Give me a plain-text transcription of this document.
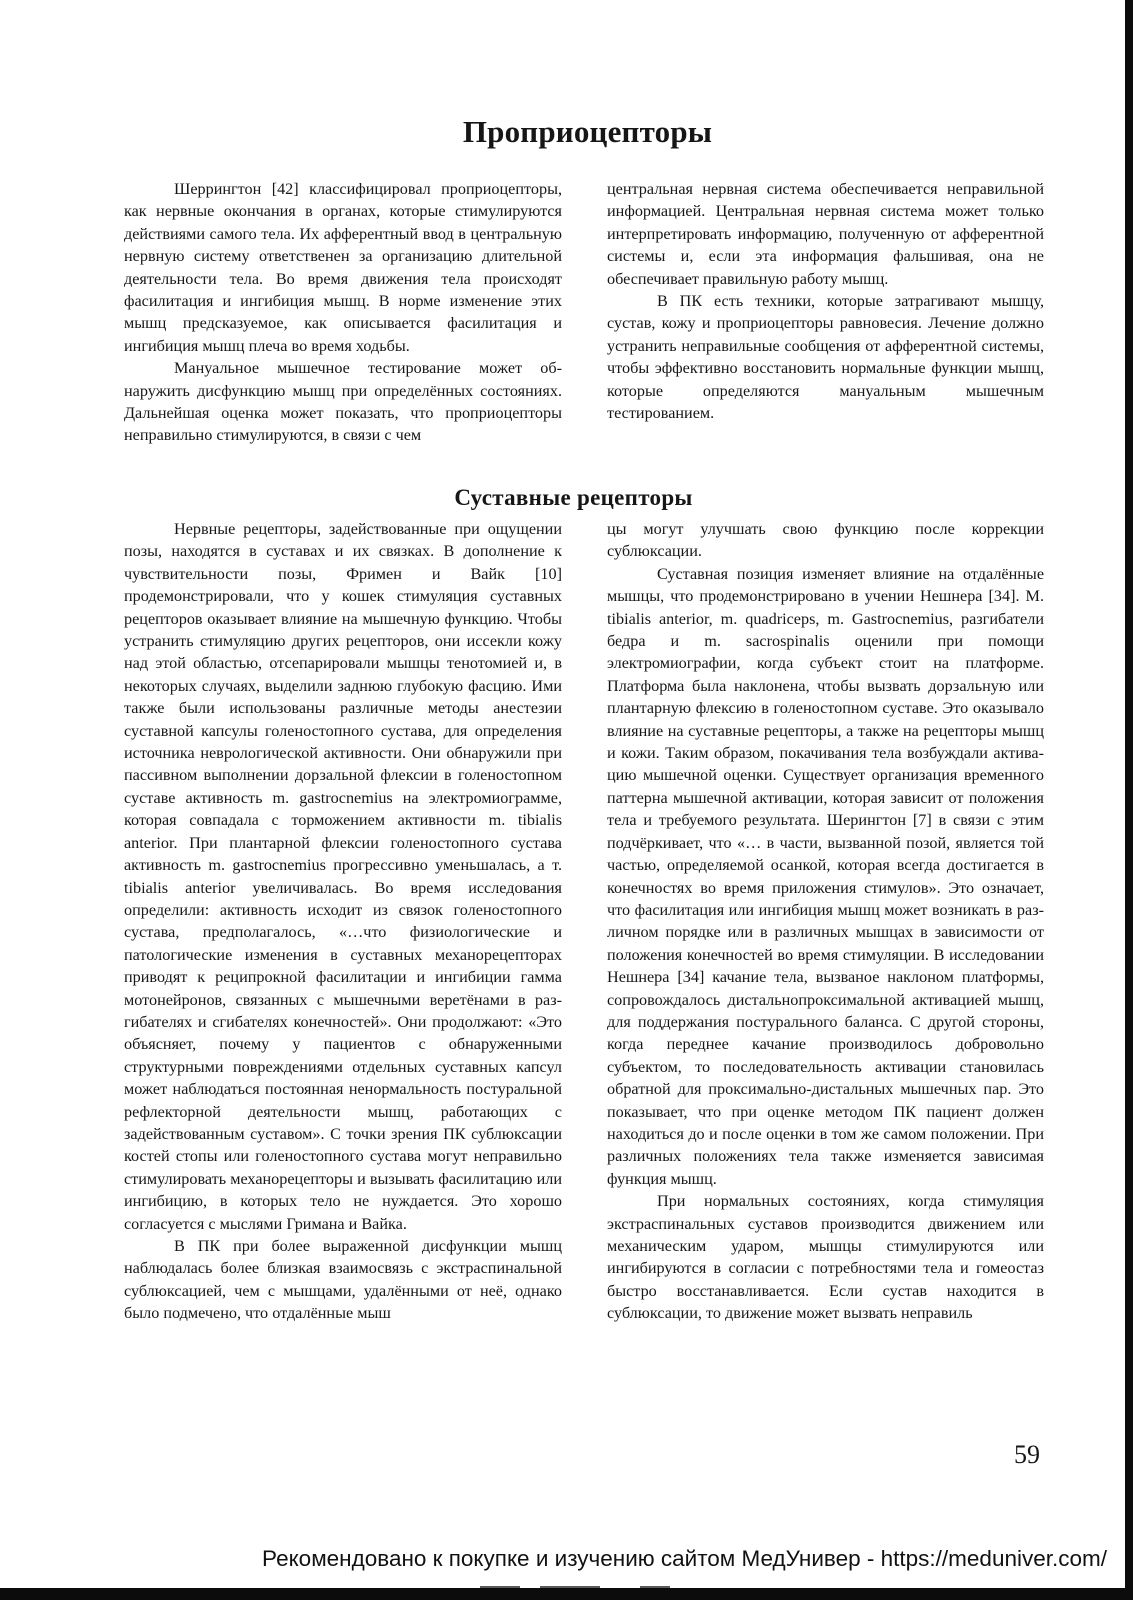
Проприоцепторы

Шеррингтон [42] классифицировал проприоцепторы, как нервные окончания в органах, которые стимулируются действиями самого тела. Их афферентный ввод в центральную нервную систему ответственен за организацию длительной деятельности тела. Во время движения тела происходят фасилитация и ингибиция мышц. В норме изменение этих мышц предсказуемое, как описывается фасилитация и ингибиция мышц плеча во время ходьбы.

Мануальное мышечное тестирование может обнаружить дисфункцию мышц при определённых состояниях. Дальнейшая оценка может показать, что проприоцепторы неправильно стимулируются, в связи с чем

центральная нервная система обеспечивается неправильной информацией. Центральная нервная система может только интерпретировать информацию, полученную от афферентной системы и, если эта информация фальшивая, она не обеспечивает правильную работу мышц.

В ПК есть техники, которые затрагивают мышцу, сустав, кожу и проприоцепторы равновесия. Лечение должно устранить неправильные сообщения от афферентной системы, чтобы эффективно восстановить нормальные функции мышц, которые определяются мануальным мышечным тестированием.

Суставные рецепторы

Нервные рецепторы, задействованные при ощущении позы, находятся в суставах и их связках. В дополнение к чувствительности позы, Фримен и Вайк [10] продемонстрировали, что у кошек стимуляция суставных рецепторов оказывает влияние на мышечную функцию. Чтобы устранить стимуляцию других рецепторов, они иссекли кожу над этой областью, отсепарировали мышцы тенотомией и, в некоторых случаях, выделили заднюю глубокую фасцию. Ими также были использованы различные методы анестезии суставной капсулы голеностопного сустава, для определения источника неврологической активности. Они обнаружили при пассивном выполнении дорзальной флексии в голеностопном суставе активность m. gastrocnemius на электромиограмме, которая совпадала с торможением активности m. tibialis anterior. При плантарной флексии голеностопного сустава активность m. gastrocnemius прогрессивно уменьшалась, а т. tibialis anterior увеличивалась. Во время исследования определили: активность исходит из связок голеностопного сустава, предполагалось, «…что физиологические и патологические изменения в суставных механорецепторах приводят к реципрокной фасилитации и ингибиции гамма мотонейронов, связанных с мышечными веретёнами в разгибателях и сгибателях конечностей». Они продолжают: «Это объясняет, почему у пациентов с обнаруженными структурными повреждениями отдельных суставных капсул может наблюдаться постоянная ненормальность постуральной рефлекторной деятельности мышц, работающих с задействованным суставом». С точки зрения ПК сублюксации костей стопы или голеностопного сустава могут неправильно стимулировать механорецепторы и вызывать фасилитацию или ингибицию, в которых тело не нуждается. Это хорошо согласуется с мыслями Гримана и Вайка.

В ПК при более выраженной дисфункции мышц наблюдалась более близкая взаимосвязь с экстраспинальной сублюксацией, чем с мышцами, удалёнными от неё, однако было подмечено, что отдалённые мыш

цы могут улучшать свою функцию после коррекции сублюксации.

Суставная позиция изменяет влияние на отдалённые мышцы, что продемонстрировано в учении Нешнера [34]. M. tibialis anterior, m. quadriceps, m. Gastrocnemius, разгибатели бедра и m. sacrospinalis оценили при помощи электромиографии, когда субъект стоит на платформе. Платформа была наклонена, чтобы вызвать дорзальную или плантарную флексию в голеностопном суставе. Это оказывало влияние на суставные рецепторы, а также на рецепторы мышц и кожи. Таким образом, покачивания тела возбуждали активацию мышечной оценки. Существует организация временного паттерна мышечной активации, которая зависит от положения тела и требуемого результата. Шерингтон [7] в связи с этим подчёркивает, что «… в части, вызванной позой, является той частью, определяемой осанкой, которая всегда достигается в конечностях во время приложения стимулов». Это означает, что фасилитация или ингибиция мышц может возникать в различном порядке или в различных мышцах в зависимости от положения конечностей во время стимуляции. В исследовании Нешнера [34] качание тела, вызваное наклоном платформы, сопровождалось дистальнопроксимальной активацией мышц, для поддержания постурального баланса. С другой стороны, когда переднее качание производилось добровольно субъектом, то последовательность активации становилась обратной для проксимально-дистальных мышечных пар. Это показывает, что при оценке методом ПК пациент должен находиться до и после оценки в том же самом положении. При различных положениях тела также изменяется зависимая функция мышц.

При нормальных состояниях, когда стимуляция экстраспинальных суставов производится движением или механическим ударом, мышцы стимулируются или ингибируются в согласии с потребностями тела и гомеостаз быстро восстанавливается. Если сустав находится в сублюксации, то движение может вызвать неправиль

59
Рекомендовано к покупке и изучению сайтом МедУнивер - https://meduniver.com/
